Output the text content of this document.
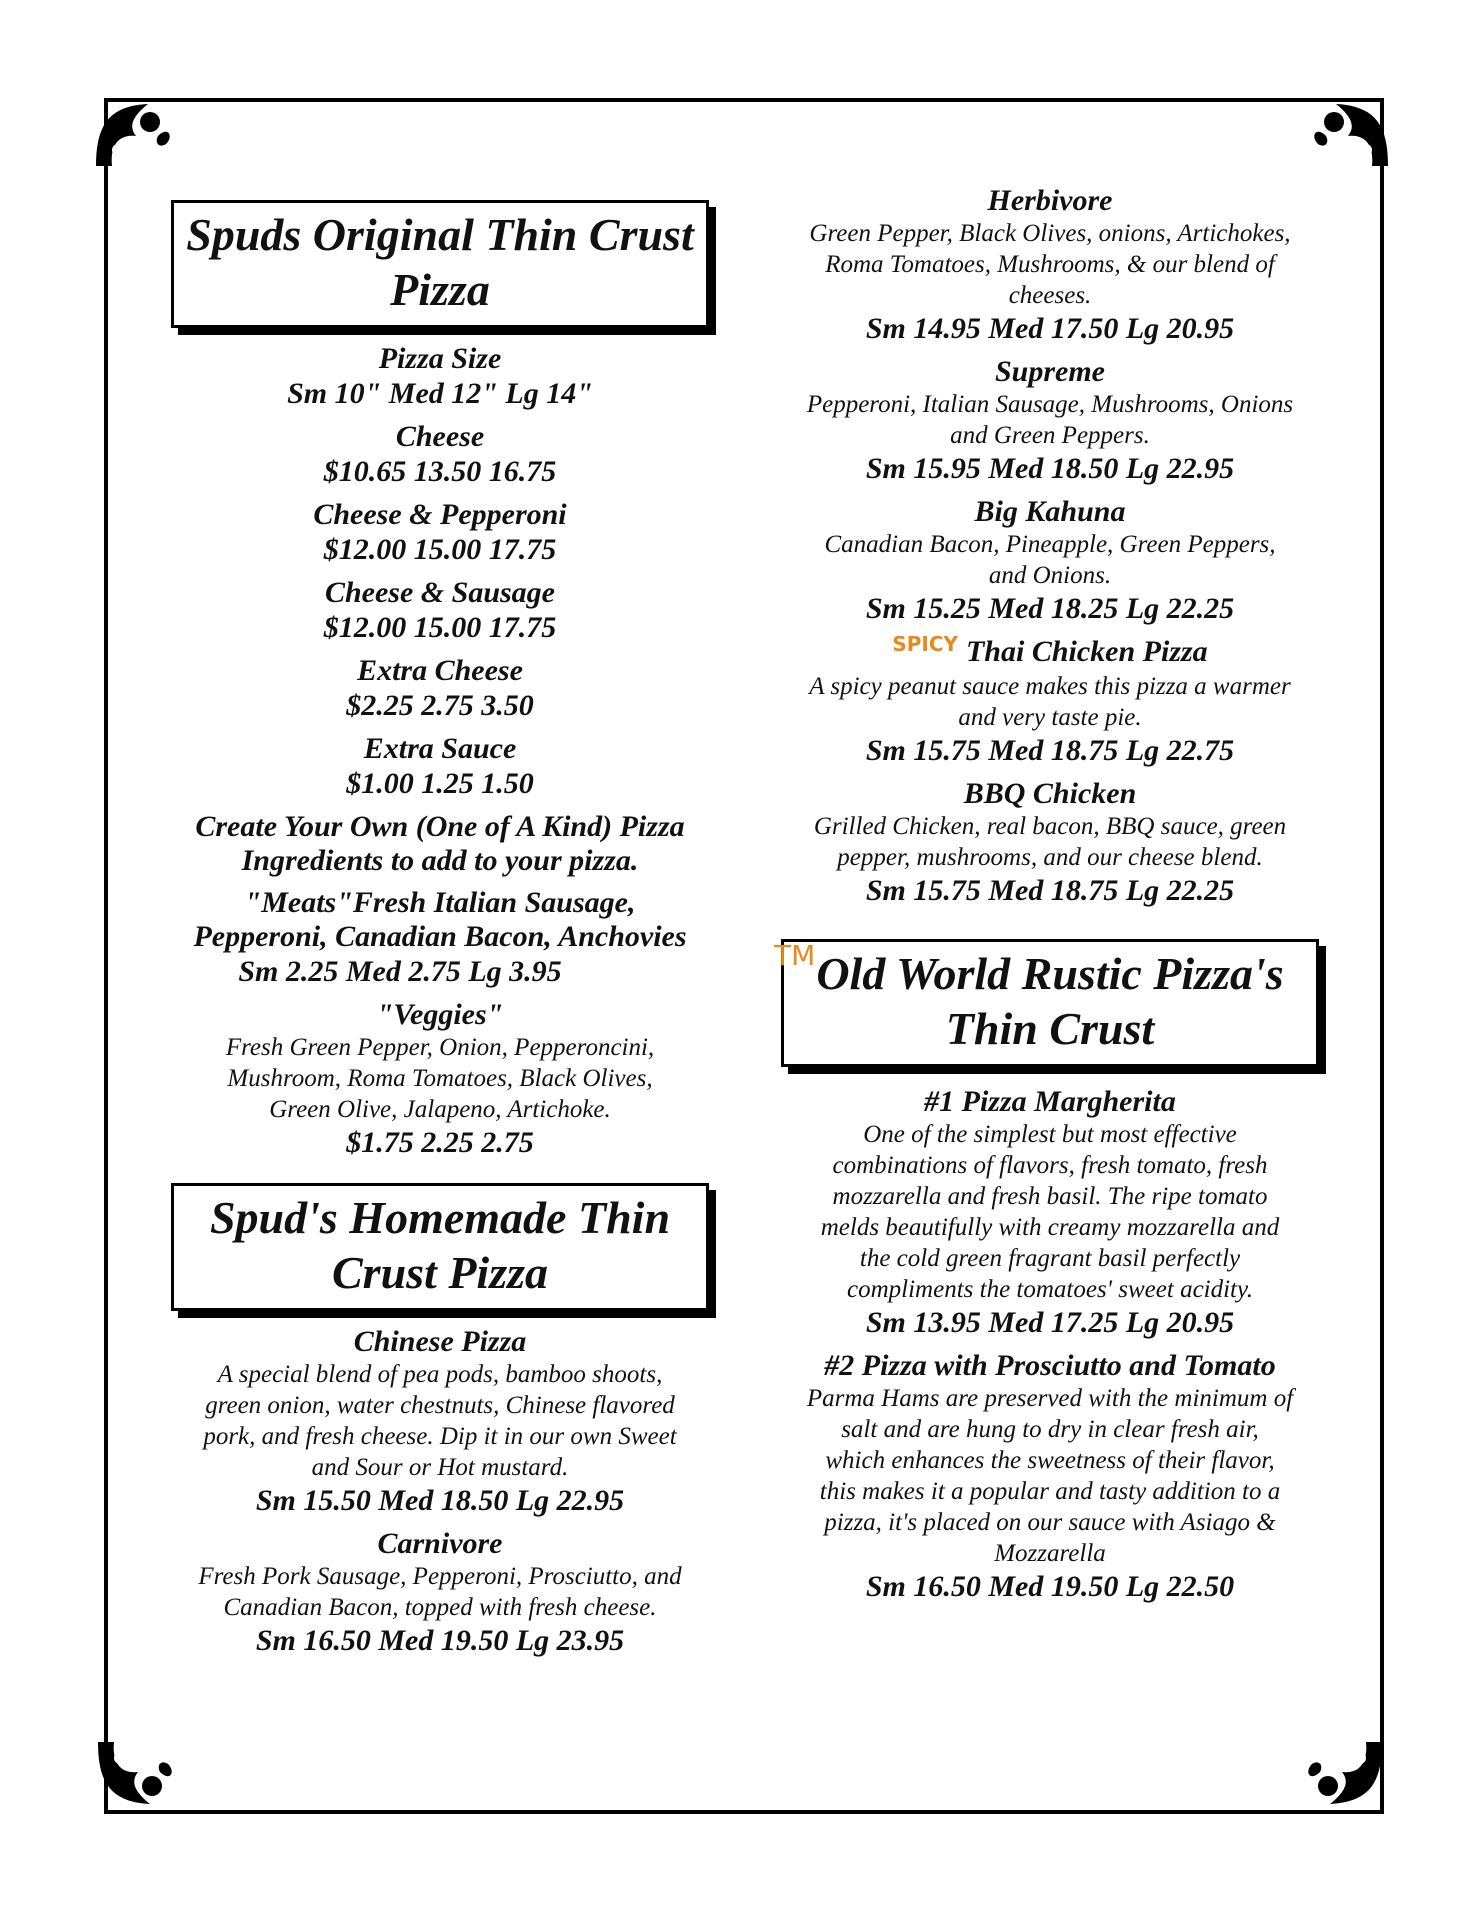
Spuds Original Thin Crust
Pizza
Pizza Size
Sm 10" Med 12" Lg 14"
Cheese
$10.65 13.50 16.75
Cheese & Pepperoni
$12.00 15.00 17.75
Cheese & Sausage
$12.00 15.00 17.75
Extra Cheese
$2.25 2.75 3.50
Extra Sauce
$1.00 1.25 1.50
Create Your Own (One of A Kind) Pizza
Ingredients to add to your pizza.
"Meats"Fresh Italian Sausage,
Pepperoni, Canadian Bacon, Anchovies
Sm 2.25 Med 2.75 Lg 3.95
"Veggies"
Fresh Green Pepper, Onion, Pepperoncini,
Mushroom, Roma Tomatoes, Black Olives,
Green Olive, Jalapeno, Artichoke.
$1.75 2.25 2.75
Spud's Homemade Thin
Crust Pizza
Chinese Pizza
A special blend of pea pods, bamboo shoots,
green onion, water chestnuts, Chinese flavored
pork, and fresh cheese. Dip it in our own Sweet
and Sour or Hot mustard.
Sm 15.50 Med 18.50 Lg 22.95
Carnivore
Fresh Pork Sausage, Pepperoni, Prosciutto, and
Canadian Bacon, topped with fresh cheese.
Sm 16.50 Med 19.50 Lg 23.95
Herbivore
Green Pepper, Black Olives, onions, Artichokes,
Roma Tomatoes, Mushrooms, & our blend of
cheeses.
Sm 14.95 Med 17.50 Lg 20.95
Supreme
Pepperoni, Italian Sausage, Mushrooms, Onions
and Green Peppers.
Sm 15.95 Med 18.50 Lg 22.95
Big Kahuna
Canadian Bacon, Pineapple, Green Peppers,
and Onions.
Sm 15.25 Med 18.25 Lg 22.25
$^{SPICY}$ Thai Chicken Pizza
A spicy peanut sauce makes this pizza a warmer
and very taste pie.
Sm 15.75 Med 18.75 Lg 22.75
BBQ Chicken
Grilled Chicken, real bacon, BBQ sauce, green
pepper, mushrooms, and our cheese blend.
Sm 15.75 Med 18.75 Lg 22.25
TM Old World Rustic Pizza's
Thin Crust
#1 Pizza Margherita
One of the simplest but most effective
combinations of flavors, fresh tomato, fresh
mozzarella and fresh basil. The ripe tomato
melds beautifully with creamy mozzarella and
the cold green fragrant basil perfectly
compliments the tomatoes' sweet acidity.
Sm 13.95 Med 17.25 Lg 20.95
#2 Pizza with Prosciutto and Tomato
Parma Hams are preserved with the minimum of
salt and are hung to dry in clear fresh air,
which enhances the sweetness of their flavor,
this makes it a popular and tasty addition to a
pizza, it's placed on our sauce with Asiago &
Mozzarella
Sm 16.50 Med 19.50 Lg 22.50
